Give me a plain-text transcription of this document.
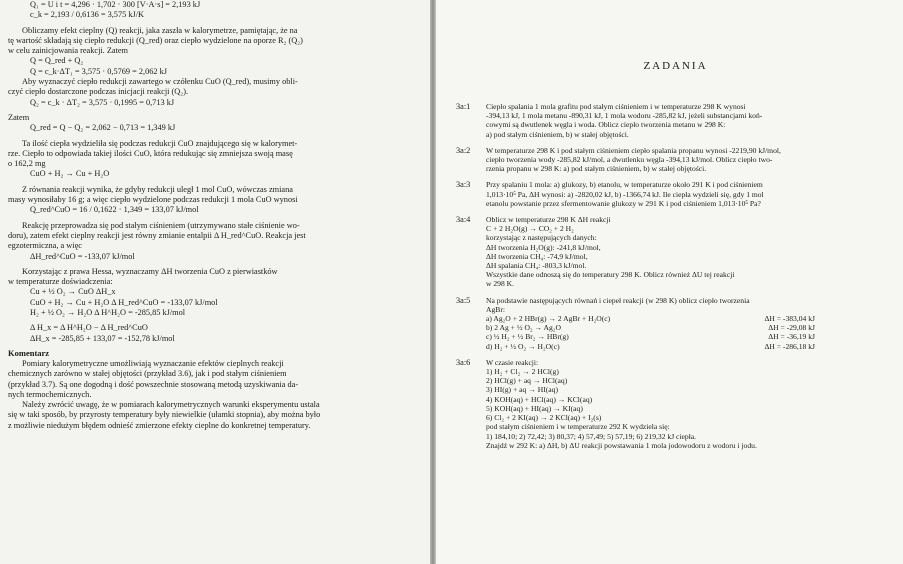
Q₁ = U i t = 4,296 · 1,702 · 300 [V·A·s] = 2,193 kJ
c_k = 2,193 / 0,6136 = 3,575 kJ/K
Obliczamy efekt cieplny (Q) reakcji, jaka zaszła w kalorymetrze, pamiętając, że na
tę wartość składają się ciepło redukcji (Q_red) oraz ciepło wydzielone na oporze R₂ (Q₂)
w celu zainicjowania reakcji. Zatem
Q = Q_red + Q₂
Q = c_k·ΔT₁ = 3,575 · 0,5769 = 2,062 kJ
Aby wyznaczyć ciepło redukcji zawartego w czółenku CuO (Q_red), musimy obli-
czyć ciepło dostarczone podczas inicjacji reakcji (Q₂).
Q₂ = c_k · ΔT₂ = 3,575 · 0,1995 = 0,713 kJ
Zatem
Q_red = Q − Q₂ = 2,062 − 0,713 = 1,349 kJ
Ta ilość ciepła wydzieliła się podczas redukcji CuO znajdującego się w kalorymet-
rze. Ciepło to odpowiada takiej ilości CuO, która redukując się zmniejsza swoją masę
o 162,2 mg
CuO + H₂ → Cu + H₂O
Z równania reakcji wynika, że gdyby redukcji uległ 1 mol CuO, wówczas zmiana
masy wynosiłaby 16 g; a więc ciepło wydzielone podczas redukcji 1 mola CuO wynosi
Q_red^CuO = 16 / 0,1622 · 1,349 = 133,07 kJ/mol
Reakcję przeprowadza się pod stałym ciśnieniem (utrzymywano stałe ciśnienie wo-
doru), zatem efekt cieplny reakcji jest równy zmianie entalpii Δ H_red^CuO. Reakcja jest
egzotermiczna, a więc
ΔH_red^CuO = -133,07 kJ/mol
Korzystając z prawa Hessa, wyznaczamy ΔH tworzenia CuO z pierwiastków
w temperaturze doświadczenia:
Cu + ½ O₂ → CuO ΔH_x
CuO + H₂ → Cu + H₂O Δ H_red^CuO = -133,07 kJ/mol
H₂ + ½ O₂ → H₂O Δ H^H₂O = -285,85 kJ/mol
Δ H_x = Δ H^H₂O − Δ H_red^CuO
ΔH_x = -285,85 + 133,07 = -152,78 kJ/mol
Komentarz
Pomiary kalorymetryczne umożliwiają wyznaczanie efektów cieplnych reakcji
chemicznych zarówno w stałej objętości (przykład 3.6), jak i pod stałym ciśnieniem
(przykład 3.7). Są one dogodną i dość powszechnie stosowaną metodą uzyskiwania da-
nych termochemicznych.
Należy zwrócić uwagę, że w pomiarach kalorymetrycznych warunki eksperymentu ustala
się w taki sposób, by przyrosty temperatury były niewielkie (ułamki stopnia), aby można było
z możliwie niedużym błędem odnieść zmierzone efekty cieplne do konkretnej temperatury.
ZADANIA
3a:1 Ciepło spalania 1 mola grafitu pod stałym ciśnieniem i w temperaturze 298 K wynosi
-394,13 kJ, 1 mola metanu -890,31 kJ, 1 mola wodoru -285,82 kJ, jeżeli substancjami koń-
cowymi są dwutlenek węgla i woda. Oblicz ciepło tworzenia metanu w 298 K:
a) pod stałym ciśnieniem, b) w stałej objętości.
3a:2 W temperaturze 298 K i pod stałym ciśnieniem ciepło spalania propanu wynosi -2219,90 kJ/mol,
ciepło tworzenia wody -285,82 kJ/mol, a dwutlenku węgla -394,13 kJ/mol. Oblicz ciepło two-
rzenia propanu w 298 K: a) pod stałym ciśnieniem, b) w stałej objętości.
3a:3 Przy spalaniu 1 mola: a) glukozy, b) etanolu, w temperaturze około 291 K i pod ciśnieniem
1,013·10⁵ Pa, ΔH wynosi: a) -2820,02 kJ, b) -1366,74 kJ. Ile ciepła wydzieli się, gdy 1 mol
etanolu powstanie przez sfermentowanie glukozy w 291 K i pod ciśnieniem 1,013·10⁵ Pa?
3a:4 Oblicz w temperaturze 298 K ΔH reakcji
C + 2 H₂O(g) → CO₂ + 2 H₂
korzystając z następujących danych:
ΔH tworzenia H₂O(g): -241,8 kJ/mol,
ΔH tworzenia CH₄: -74,9 kJ/mol,
ΔH spalania CH₄: -803,3 kJ/mol.
Wszystkie dane odnoszą się do temperatury 298 K. Oblicz również ΔU tej reakcji
w 298 K.
3a:5 Na podstawie następujących równań i ciepeł reakcji (w 298 K) oblicz ciepło tworzenia
AgBr:
a) Ag₂O + 2 HBr(g) → 2 AgBr + H₂O(c)	ΔH = -383,04 kJ
b) 2 Ag + ½ O₂ → Ag₂O	ΔH = -29,08 kJ
c) ½ H₂ + ½ Br₂ → HBr(g)	ΔH = -36,19 kJ
d) H₂ + ½ O₂ → H₂O(c)	ΔH = -286,18 kJ
3a:6 W czasie reakcji:
1) H₂ + Cl₂ → 2 HCl(g)
2) HCl(g) + aq → HCl(aq)
3) HI(g) + aq → HI(aq)
4) KOH(aq) + HCl(aq) → KCl(aq)
5) KOH(aq) + HI(aq) → KI(aq)
6) Cl₂ + 2 KI(aq) → 2 KCl(aq) + I₂(s)
pod stałym ciśnieniem i w temperaturze 292 K wydziela się:
1) 184,10; 2) 72,42; 3) 80,37; 4) 57,49; 5) 57,19; 6) 219,32 kJ ciepła.
Znajdź w 292 K: a) ΔH, b) ΔU reakcji powstawania 1 mola jodowodoru z wodoru i jodu.
